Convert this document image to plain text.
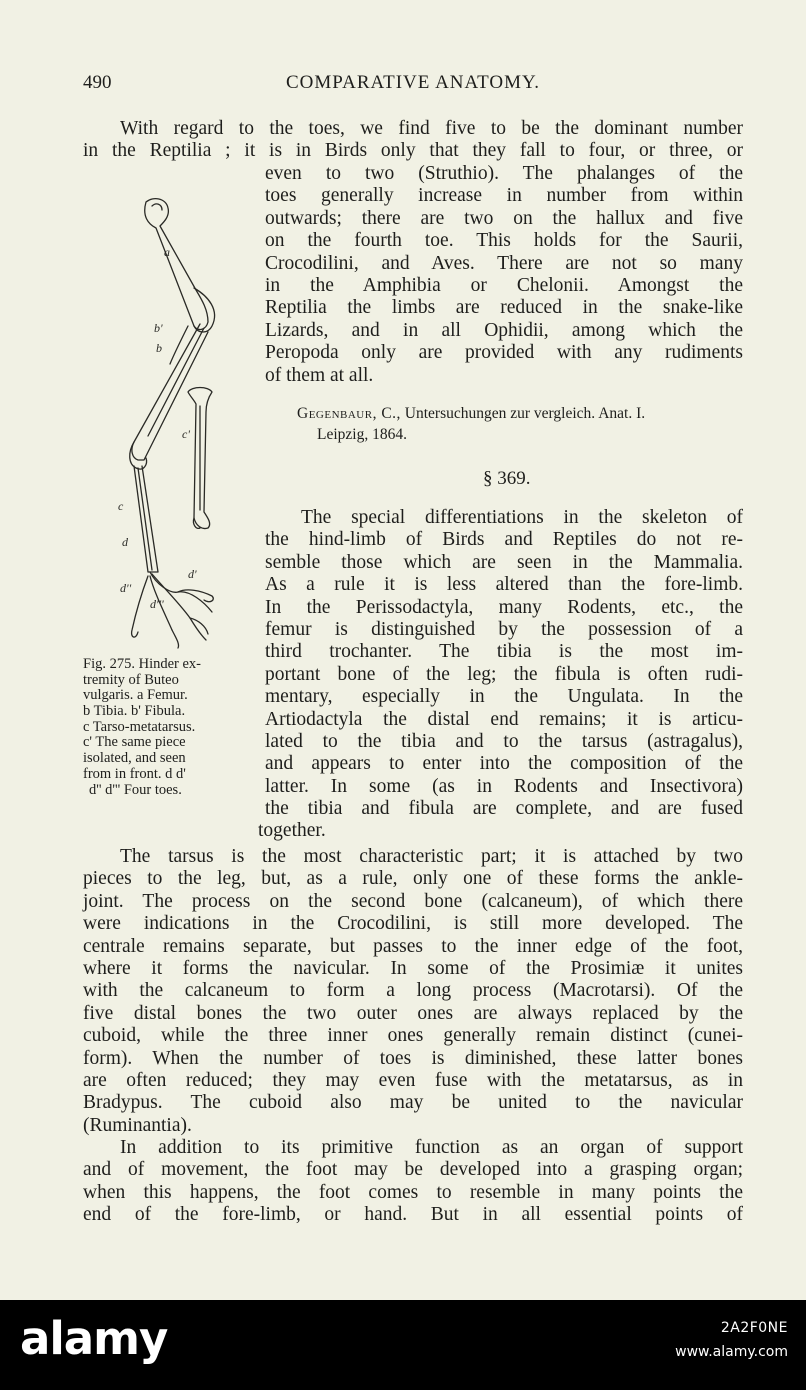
490	COMPARATIVE ANATOMY.
With regard to the toes, we find five to be the dominant number
in the Reptilia ; it is in Birds only that they fall to four, or three, or
even to two (Struthio). The phalanges of the
toes generally increase in number from within
outwards; there are two on the hallux and five
on the fourth toe. This holds for the Saurii,
Crocodilini, and Aves. There are not so many
in the Amphibia or Chelonii. Amongst the
Reptilia the limbs are reduced in the snake-like
Lizards, and in all Ophidii, among which the
Peropoda only are provided with any rudiments
of them at all.
Gegenbaur, C., Untersuchungen zur vergleich. Anat. I.
Leipzig, 1864.
§ 369.
The special differentiations in the skeleton of
the hind-limb of Birds and Reptiles do not re-
semble those which are seen in the Mammalia.
As a rule it is less altered than the fore-limb.
In the Perissodactyla, many Rodents, etc., the
femur is distinguished by the possession of a
third trochanter. The tibia is the most im-
portant bone of the leg; the fibula is often rudi-
mentary, especially in the Ungulata. In the
Artiodactyla the distal end remains; it is articu-
lated to the tibia and to the tarsus (astragalus),
and appears to enter into the composition of the
latter. In some (as in Rodents and Insectivora)
the tibia and fibula are complete, and are fused
together.
a
b'
b
c'
c
d
d'
d''
d'''
Fig. 275. Hinder ex-
tremity of Buteo
vulgaris. a Femur.
b Tibia. b' Fibula.
c Tarso-metatarsus.
c' The same piece
isolated, and seen
from in front. d d'
d'' d''' Four toes.
The tarsus is the most characteristic part; it is attached by two
pieces to the leg, but, as a rule, only one of these forms the ankle-
joint. The process on the second bone (calcaneum), of which there
were indications in the Crocodilini, is still more developed. The
centrale remains separate, but passes to the inner edge of the foot,
where it forms the navicular. In some of the Prosimiæ it unites
with the calcaneum to form a long process (Macrotarsi). Of the
five distal bones the two outer ones are always replaced by the
cuboid, while the three inner ones generally remain distinct (cunei-
form). When the number of toes is diminished, these latter bones
are often reduced; they may even fuse with the metatarsus, as in
Bradypus. The cuboid also may be united to the navicular
(Ruminantia).
In addition to its primitive function as an organ of support
and of movement, the foot may be developed into a grasping organ;
when this happens, the foot comes to resemble in many points the
end of the fore-limb, or hand. But in all essential points of
alamy	2A2F0NE
www.alamy.com
